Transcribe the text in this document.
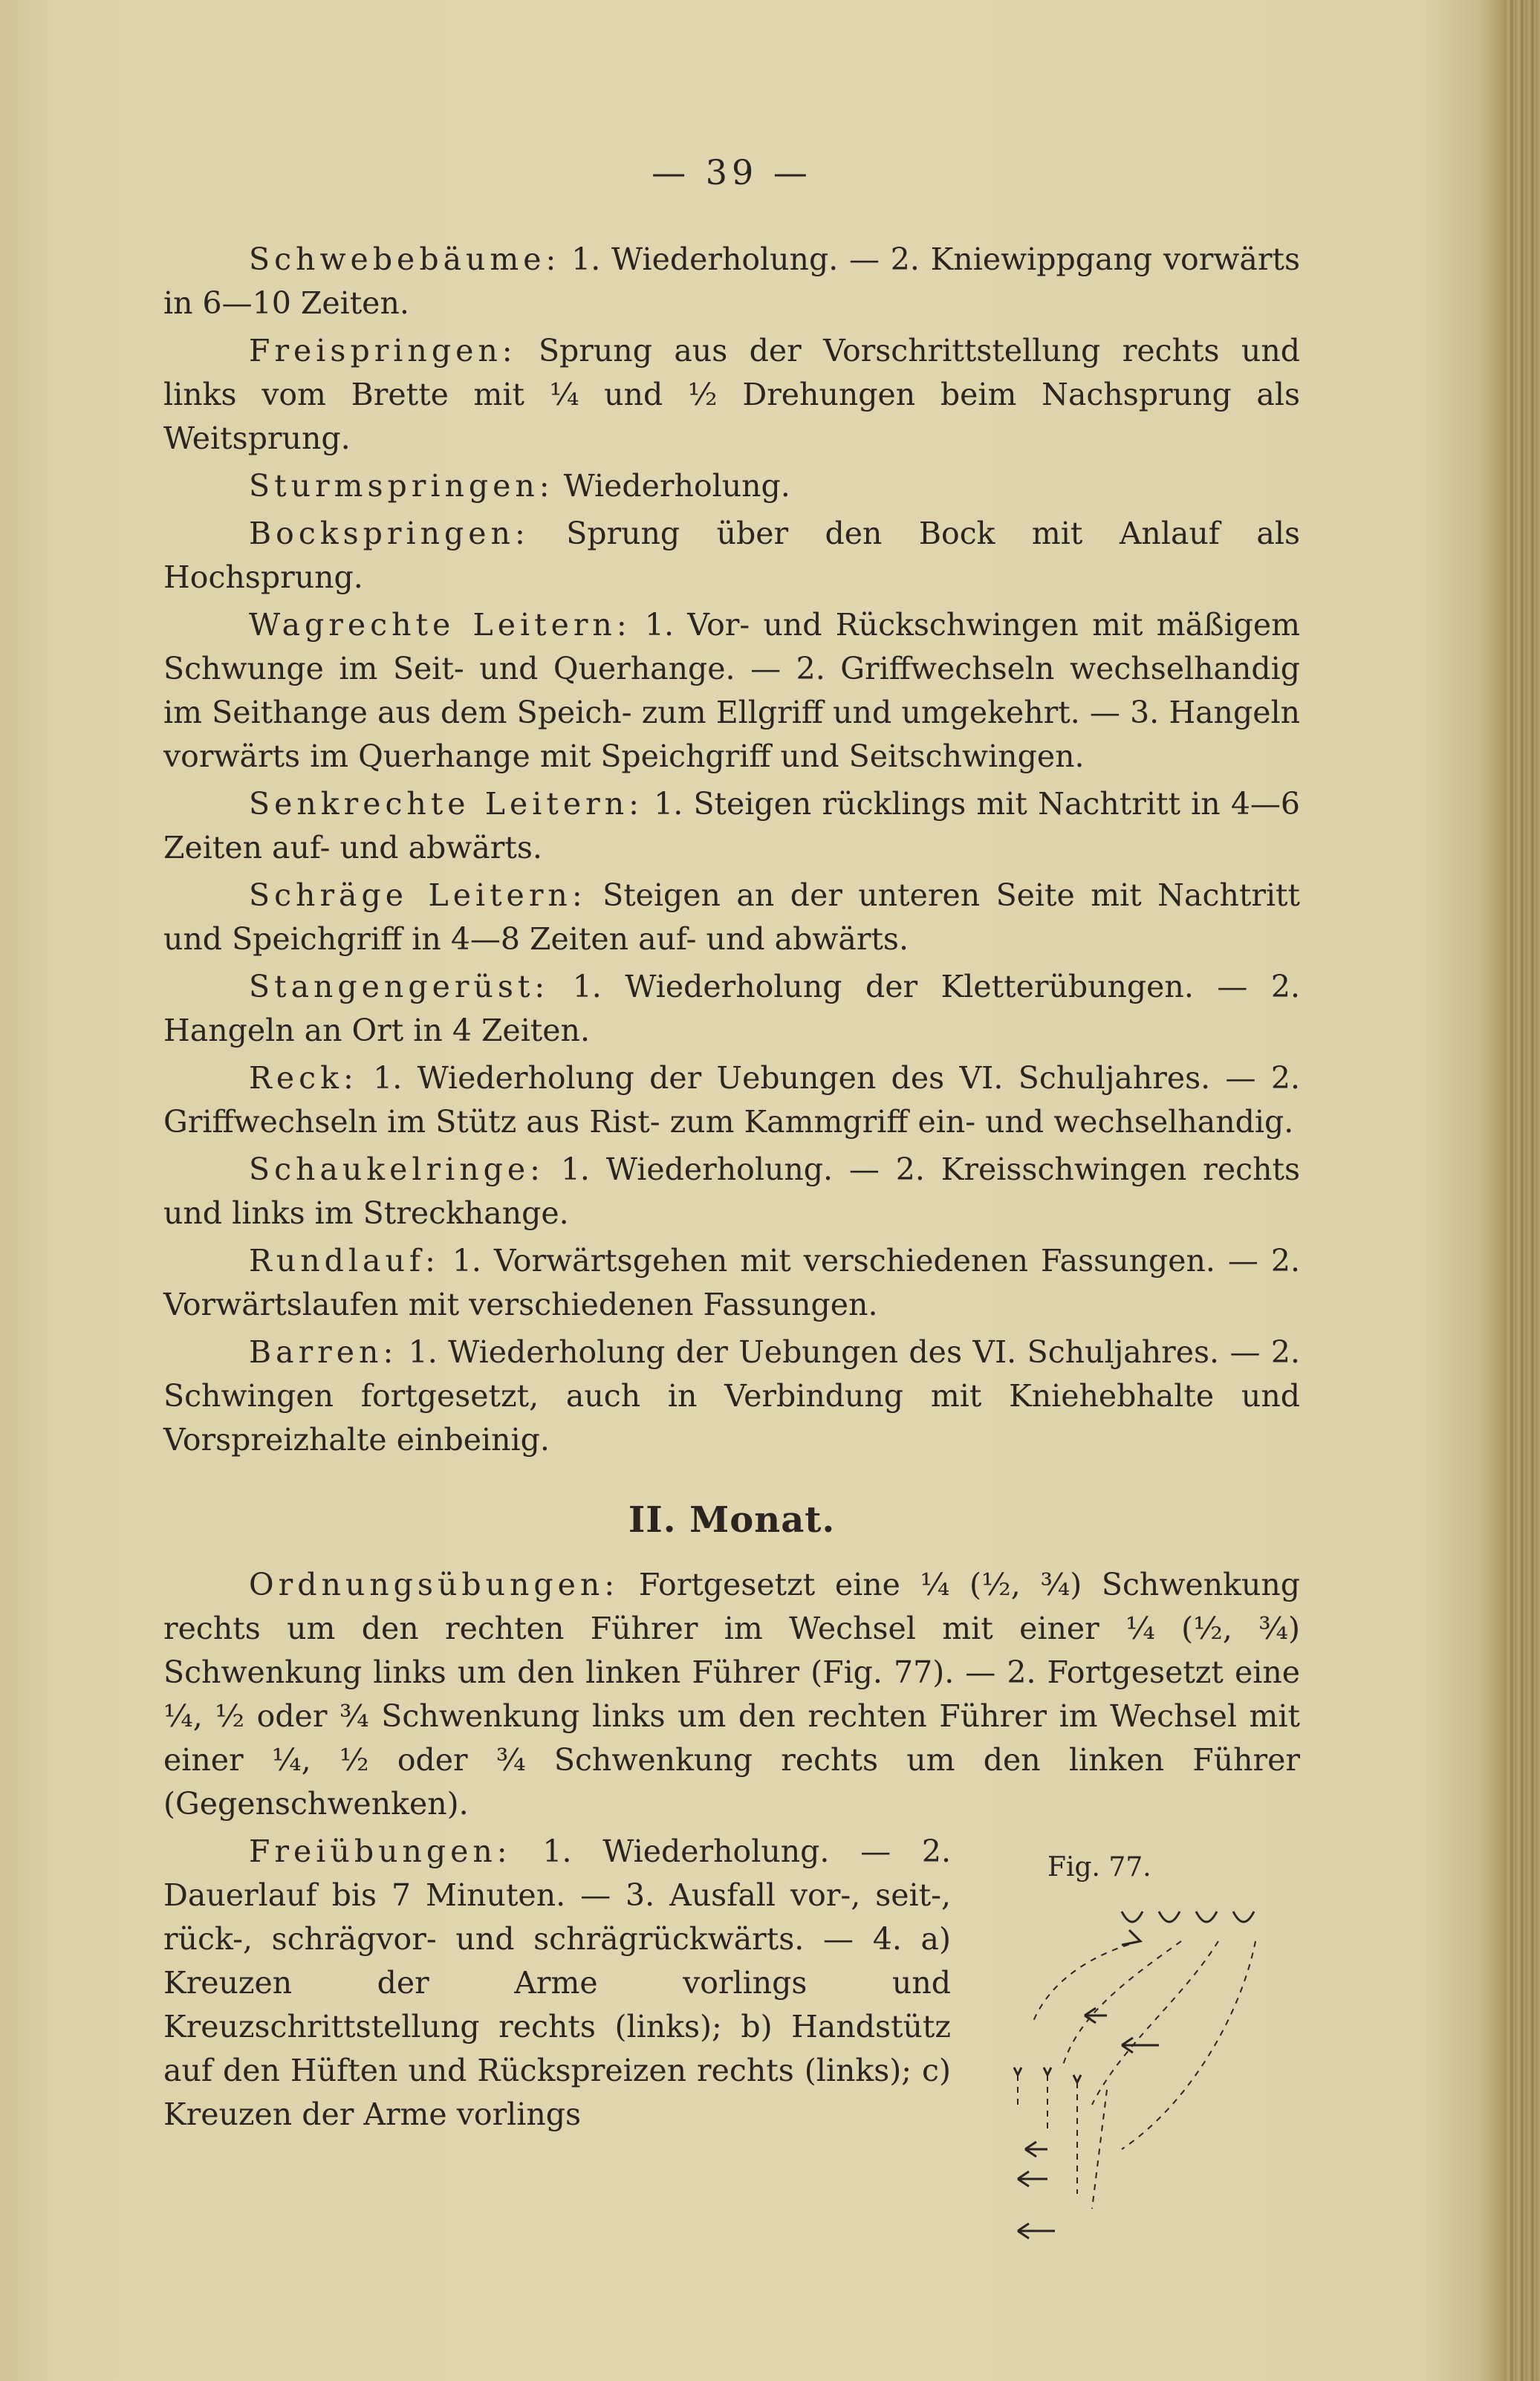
— 39 —

Schwebebäume: 1. Wiederholung. — 2. Kniewippgang vorwärts in 6—10 Zeiten.

Freispringen: Sprung aus der Vorschrittstellung rechts und links vom Brette mit ¼ und ½ Drehungen beim Nachsprung als Weitsprung.

Sturmspringen: Wiederholung.

Bockspringen: Sprung über den Bock mit Anlauf als Hochsprung.

Wagrechte Leitern: 1. Vor- und Rückschwingen mit mäßigem Schwunge im Seit- und Querhange. — 2. Griffwechseln wechselhandig im Seithange aus dem Speich- zum Ellgriff und umgekehrt. — 3. Hangeln vorwärts im Querhange mit Speichgriff und Seitschwingen.

Senkrechte Leitern: 1. Steigen rücklings mit Nachtritt in 4—6 Zeiten auf- und abwärts.

Schräge Leitern: Steigen an der unteren Seite mit Nachtritt und Speichgriff in 4—8 Zeiten auf- und abwärts.

Stangengerüst: 1. Wiederholung der Kletterübungen. — 2. Hangeln an Ort in 4 Zeiten.

Reck: 1. Wiederholung der Uebungen des VI. Schuljahres. — 2. Griffwechseln im Stütz aus Rist- zum Kammgriff ein- und wechselhandig.

Schaukelringe: 1. Wiederholung. — 2. Kreisschwingen rechts und links im Streckhange.

Rundlauf: 1. Vorwärtsgehen mit verschiedenen Fassungen. — 2. Vorwärtslaufen mit verschiedenen Fassungen.

Barren: 1. Wiederholung der Uebungen des VI. Schuljahres. — 2. Schwingen fortgesetzt, auch in Verbindung mit Kniehebhalte und Vorspreizhalte einbeinig.

II. Monat.

Ordnungsübungen: Fortgesetzt eine ¼ (½, ¾) Schwenkung rechts um den rechten Führer im Wechsel mit einer ¼ (½, ¾) Schwenkung links um den linken Führer (Fig. 77). — 2. Fortgesetzt eine ¼, ½ oder ¾ Schwenkung links um den rechten Führer im Wechsel mit einer ¼, ½ oder ¾ Schwenkung rechts um den linken Führer (Gegenschwenken).

Fig. 77.

Freiübungen: 1. Wiederholung. — 2. Dauerlauf bis 7 Minuten. — 3. Ausfall vor-, seit-, rück-, schrägvor- und schrägrückwärts. — 4. a) Kreuzen der Arme vorlings und Kreuzschrittstellung rechts (links); b) Handstütz auf den Hüften und Rückspreizen rechts (links); c) Kreuzen der Arme vorlings
